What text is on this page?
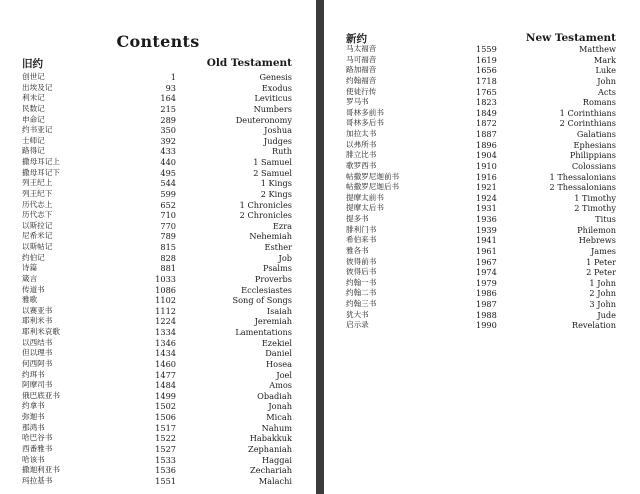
Contents
旧约	Old Testament
创世记	1	Genesis
出埃及记	93	Exodus
利未记	164	Leviticus
民数记	215	Numbers
申命记	289	Deuteronomy
约书亚记	350	Joshua
士师记	392	Judges
路得记	433	Ruth
撒母耳记上	440	1 Samuel
撒母耳记下	495	2 Samuel
列王纪上	544	1 Kings
列王纪下	599	2 Kings
历代志上	652	1 Chronicles
历代志下	710	2 Chronicles
以斯拉记	770	Ezra
尼希米记	789	Nehemiah
以斯帖记	815	Esther
约伯记	828	Job
诗篇	881	Psalms
箴言	1033	Proverbs
传道书	1086	Ecclesiastes
雅歌	1102	Song of Songs
以赛亚书	1112	Isaiah
耶利米书	1224	Jeremiah
耶利米哀歌	1334	Lamentations
以西结书	1346	Ezekiel
但以理书	1434	Daniel
何西阿书	1460	Hosea
约珥书	1477	Joel
阿摩司书	1484	Amos
俄巴底亚书	1499	Obadiah
约拿书	1502	Jonah
弥迦书	1506	Micah
那鸿书	1517	Nahum
哈巴谷书	1522	Habakkuk
西番雅书	1527	Zephaniah
哈该书	1533	Haggai
撒迦利亚书	1536	Zechariah
玛拉基书	1551	Malachi
新约	New Testament
马太福音	1559	Matthew
马可福音	1619	Mark
路加福音	1656	Luke
约翰福音	1718	John
使徒行传	1765	Acts
罗马书	1823	Romans
哥林多前书	1849	1 Corinthians
哥林多后书	1872	2 Corinthians
加拉太书	1887	Galatians
以弗所书	1896	Ephesians
腓立比书	1904	Philippians
歌罗西书	1910	Colossians
帖撒罗尼迦前书	1916	1 Thessalonians
帖撒罗尼迦后书	1921	2 Thessalonians
提摩太前书	1924	1 Timothy
提摩太后书	1931	2 Timothy
提多书	1936	Titus
腓利门书	1939	Philemon
希伯来书	1941	Hebrews
雅各书	1961	James
彼得前书	1967	1 Peter
彼得后书	1974	2 Peter
约翰一书	1979	1 John
约翰二书	1986	2 John
约翰三书	1987	3 John
犹大书	1988	Jude
启示录	1990	Revelation
